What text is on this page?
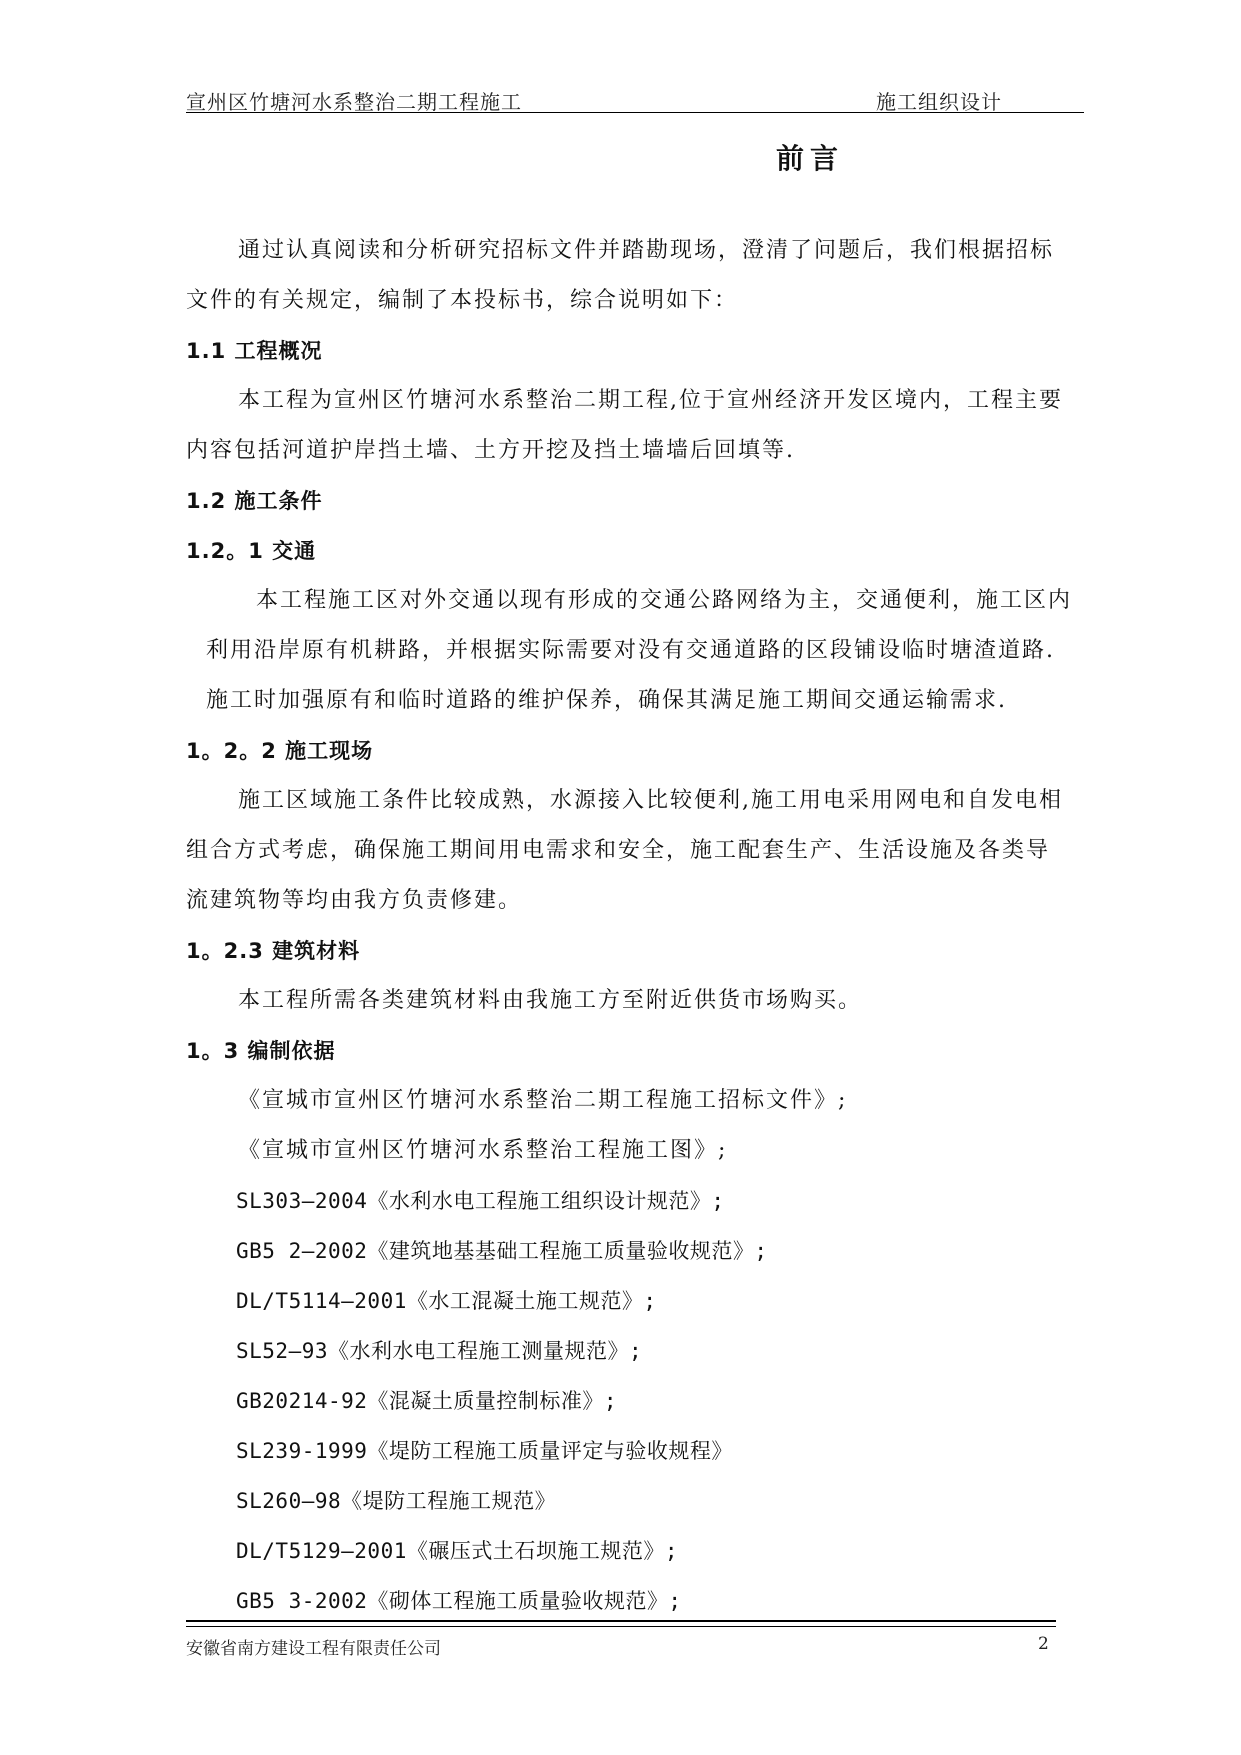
宣州区竹塘河水系整治二期工程施工	施工组织设计
前言
通过认真阅读和分析研究招标文件并踏勘现场，澄清了问题后，我们根据招标
文件的有关规定，编制了本投标书，综合说明如下：
1.1 工程概况
本工程为宣州区竹塘河水系整治二期工程,位于宣州经济开发区境内，工程主要
内容包括河道护岸挡土墙、土方开挖及挡土墙墙后回填等.
1.2 施工条件
1.2。1 交通
本工程施工区对外交通以现有形成的交通公路网络为主，交通便利，施工区内
利用沿岸原有机耕路，并根据实际需要对没有交通道路的区段铺设临时塘渣道路.
施工时加强原有和临时道路的维护保养，确保其满足施工期间交通运输需求.
1。2。2 施工现场
施工区域施工条件比较成熟，水源接入比较便利,施工用电采用网电和自发电相
组合方式考虑，确保施工期间用电需求和安全，施工配套生产、生活设施及各类导
流建筑物等均由我方负责修建。
1。2.3 建筑材料
本工程所需各类建筑材料由我施工方至附近供货市场购买。
1。3 编制依据
《宣城市宣州区竹塘河水系整治二期工程施工招标文件》;
《宣城市宣州区竹塘河水系整治工程施工图》;
SL303—2004《水利水电工程施工组织设计规范》;
GB5 2—2002《建筑地基基础工程施工质量验收规范》;
DL/T5114—2001《水工混凝土施工规范》;
SL52—93《水利水电工程施工测量规范》;
GB20214-92《混凝土质量控制标准》;
SL239-1999《堤防工程施工质量评定与验收规程》
SL260—98《堤防工程施工规范》
DL/T5129—2001《碾压式土石坝施工规范》;
GB5 3-2002《砌体工程施工质量验收规范》;
安徽省南方建设工程有限责任公司	2
